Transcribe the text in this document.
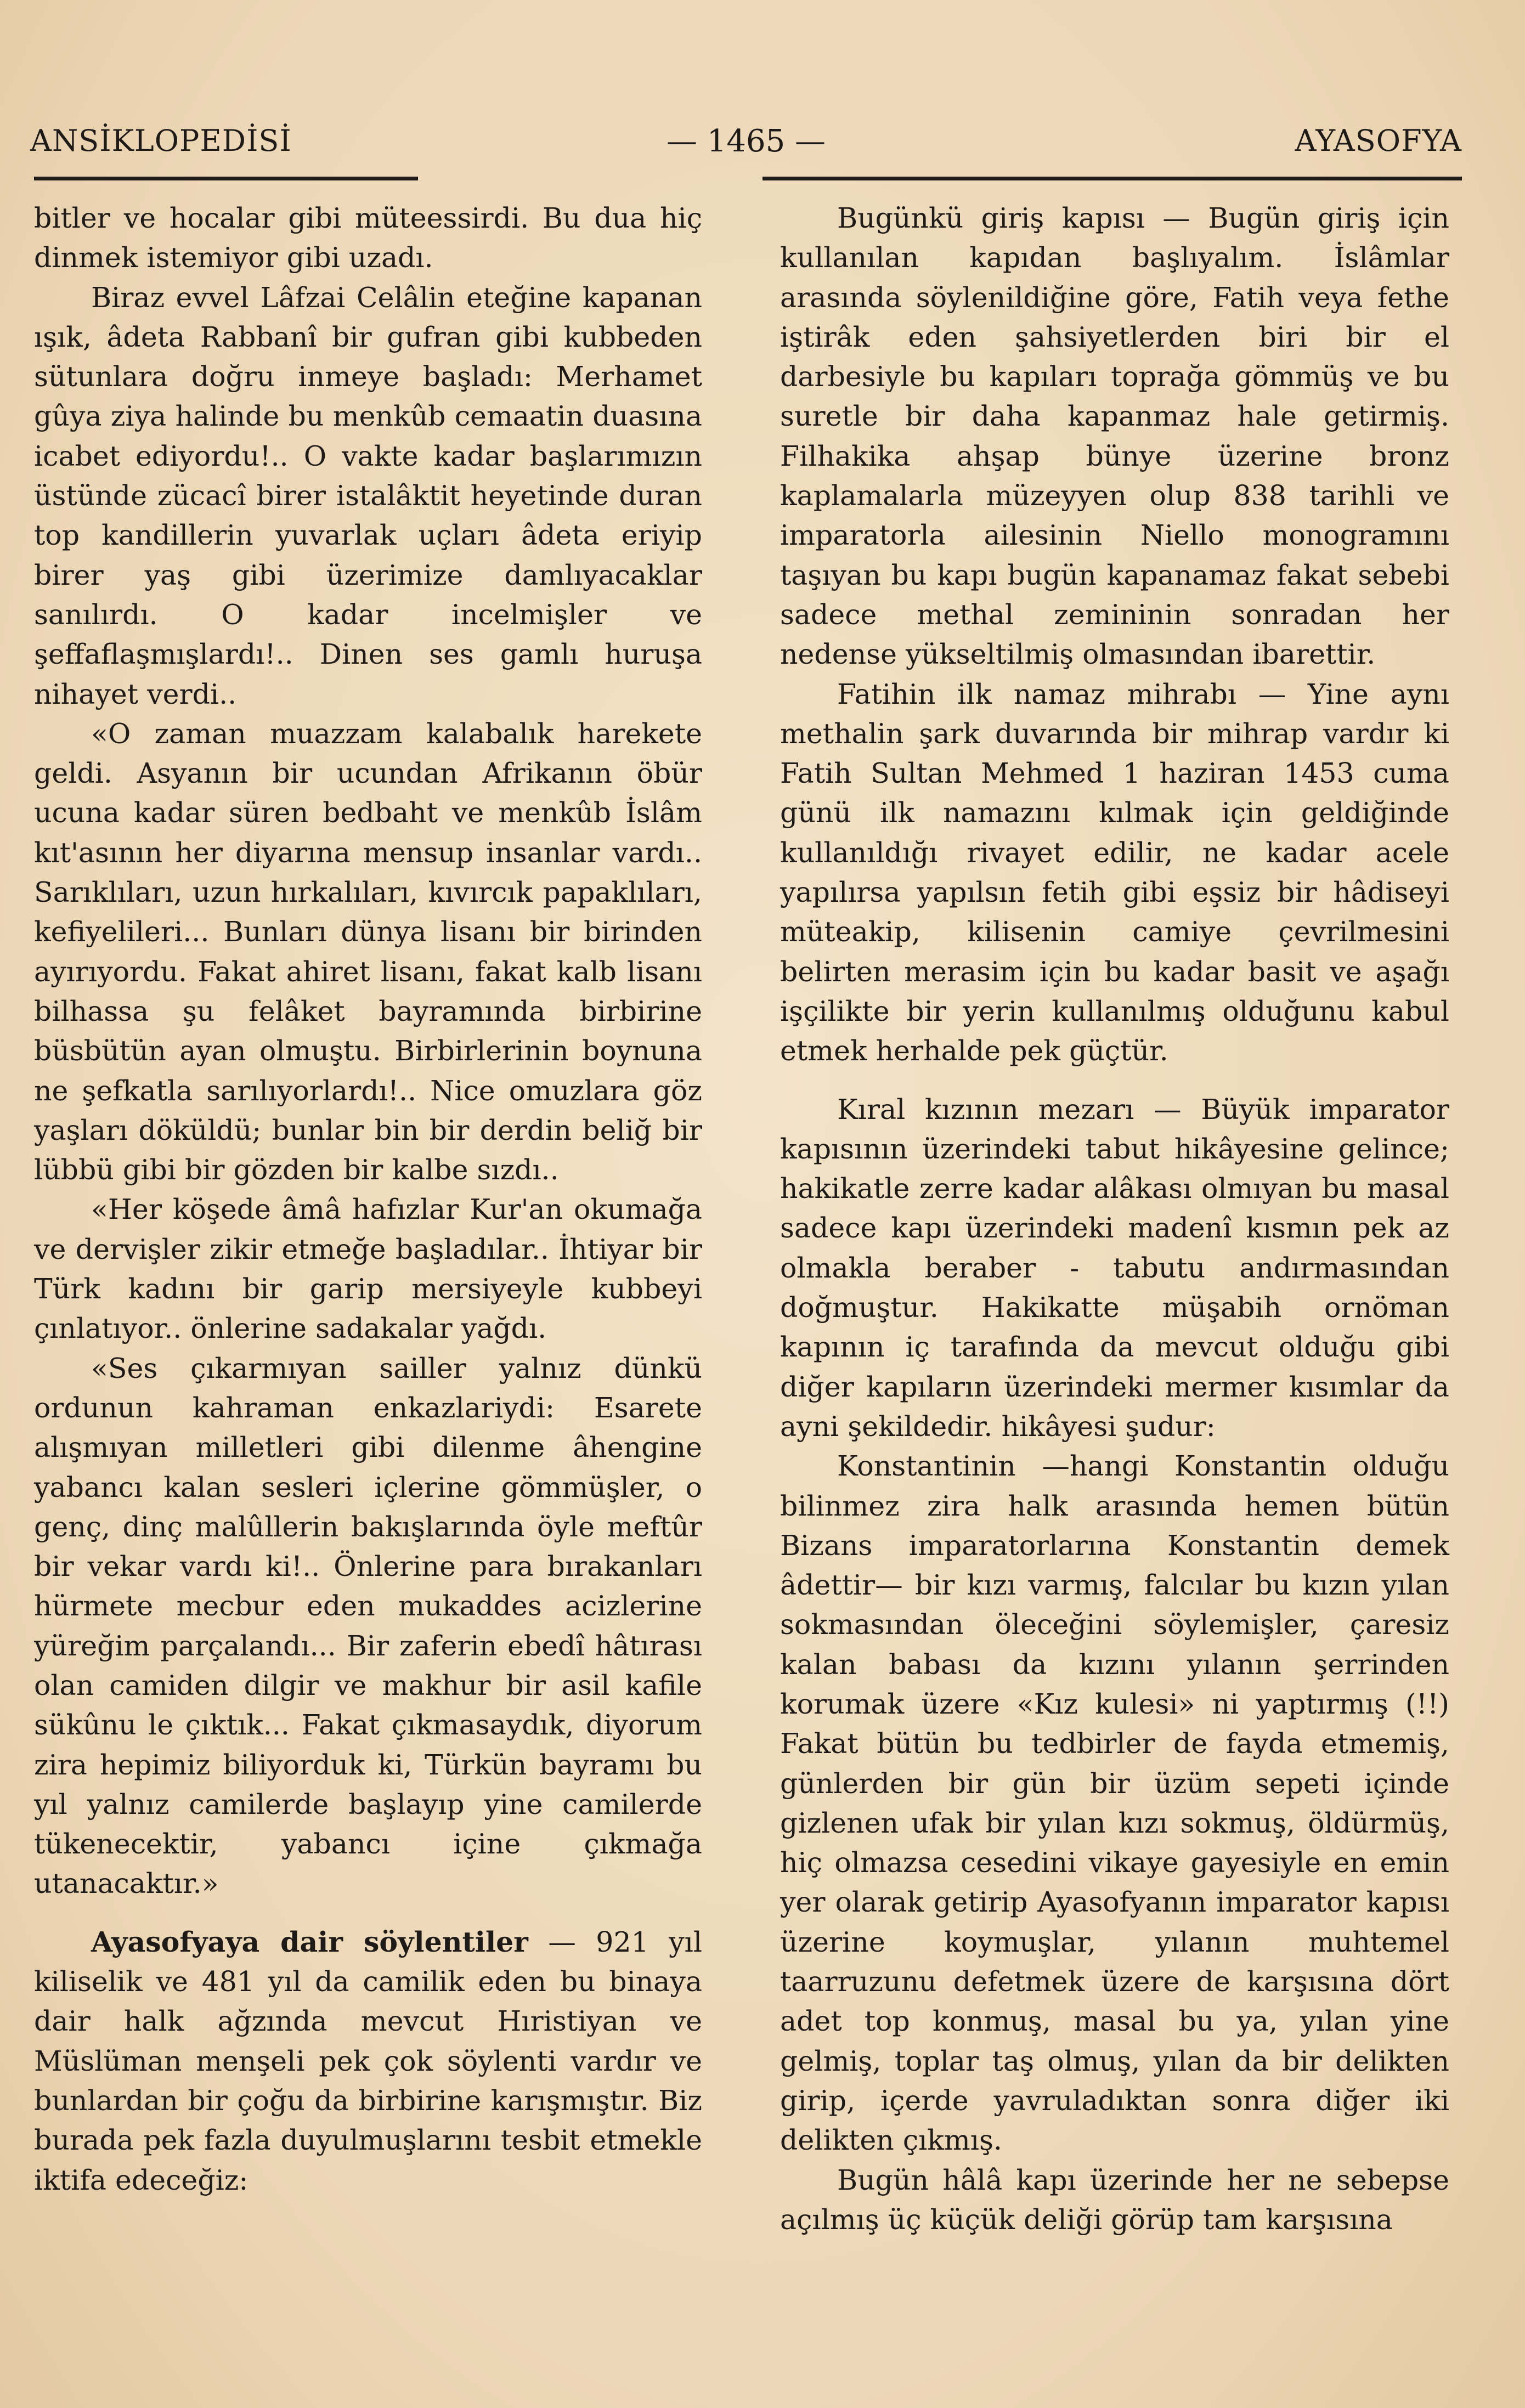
ANSİKLOPEDİSİ	— 1465 —	AYASOFYA

bitler ve hocalar gibi müteessirdi. Bu dua hiç dinmek istemiyor gibi uzadı.

Biraz evvel Lâfzai Celâlin eteğine kapanan ışık, âdeta Rabbanî bir gufran gibi kubbeden sütunlara doğru inmeye başladı: Merhamet gûya ziya halinde bu menkûb cemaatin duasına icabet ediyordu!.. O vakte kadar başlarımızın üstünde zücacî birer istalâktit heyetinde duran top kandillerin yuvarlak uçları âdeta eriyip birer yaş gibi üzerimize damlıyacaklar sanılırdı. O kadar incelmişler ve şeffaflaşmışlardı!.. Dinen ses gamlı huruşa nihayet verdi..

«O zaman muazzam kalabalık harekete geldi. Asyanın bir ucundan Afrikanın öbür ucuna kadar süren bedbaht ve menkûb İslâm kıt'asının her diyarına mensup insanlar vardı.. Sarıklıları, uzun hırkalıları, kıvırcık papaklıları, kefiyelileri... Bunları dünya lisanı bir birinden ayırıyordu. Fakat ahiret lisanı, fakat kalb lisanı bilhassa şu felâket bayramında birbirine büsbütün ayan olmuştu. Birbirlerinin boynuna ne şefkatla sarılıyorlardı!.. Nice omuzlara göz yaşları döküldü; bunlar bin bir derdin beliğ bir lübbü gibi bir gözden bir kalbe sızdı..

«Her köşede âmâ hafızlar Kur'an okumağa ve dervişler zikir etmeğe başladılar.. İhtiyar bir Türk kadını bir garip mersiyeyle kubbeyi çınlatıyor.. önlerine sadakalar yağdı.

«Ses çıkarmıyan sailler yalnız dünkü ordunun kahraman enkazlariydi: Esarete alışmıyan milletleri gibi dilenme âhengine yabancı kalan sesleri içlerine gömmüşler, o genç, dinç malûllerin bakışlarında öyle meftûr bir vekar vardı ki!.. Önlerine para bırakanları hürmete mecbur eden mukaddes acizlerine yüreğim parçalandı... Bir zaferin ebedî hâtırası olan camiden dilgir ve makhur bir asil kafile sükûnu le çıktık... Fakat çıkmasaydık, diyorum zira hepimiz biliyorduk ki, Türkün bayramı bu yıl yalnız camilerde başlayıp yine camilerde tükenecektir, yabancı içine çıkmağa utanacaktır.»

Ayasofyaya dair söylentiler — 921 yıl kiliselik ve 481 yıl da camilik eden bu binaya dair halk ağzında mevcut Hıristiyan ve Müslüman menşeli pek çok söylenti vardır ve bunlardan bir çoğu da birbirine karışmıştır. Biz burada pek fazla duyulmuşlarını tesbit etmekle iktifa edeceğiz:

Bugünkü giriş kapısı — Bugün giriş için kullanılan kapıdan başlıyalım. İslâmlar arasında söylenildiğine göre, Fatih veya fethe iştirâk eden şahsiyetlerden biri bir el darbesiyle bu kapıları toprağa gömmüş ve bu suretle bir daha kapanmaz hale getirmiş. Filhakika ahşap bünye üzerine bronz kaplamalarla müzeyyen olup 838 tarihli ve imparatorla ailesinin Niello monogramını taşıyan bu kapı bugün kapanamaz fakat sebebi sadece methal zemininin sonradan her nedense yükseltilmiş olmasından ibarettir.

Fatihin ilk namaz mihrabı — Yine aynı methalin şark duvarında bir mihrap vardır ki Fatih Sultan Mehmed 1 haziran 1453 cuma günü ilk namazını kılmak için geldiğinde kullanıldığı rivayet edilir, ne kadar acele yapılırsa yapılsın fetih gibi eşsiz bir hâdiseyi müteakip, kilisenin camiye çevrilmesini belirten merasim için bu kadar basit ve aşağı işçilikte bir yerin kullanılmış olduğunu kabul etmek herhalde pek güçtür.

Kıral kızının mezarı — Büyük imparator kapısının üzerindeki tabut hikâyesine gelince; hakikatle zerre kadar alâkası olmıyan bu masal sadece kapı üzerindeki madenî kısmın pek az olmakla beraber - tabutu andırmasından doğmuştur. Hakikatte müşabih ornöman kapının iç tarafında da mevcut olduğu gibi diğer kapıların üzerindeki mermer kısımlar da ayni şekildedir. hikâyesi şudur:

Konstantinin —hangi Konstantin olduğu bilinmez zira halk arasında hemen bütün Bizans imparatorlarına Konstantin demek âdettir— bir kızı varmış, falcılar bu kızın yılan sokmasından öleceğini söylemişler, çaresiz kalan babası da kızını yılanın şerrinden korumak üzere «Kız kulesi» ni yaptırmış (!!) Fakat bütün bu tedbirler de fayda etmemiş, günlerden bir gün bir üzüm sepeti içinde gizlenen ufak bir yılan kızı sokmuş, öldürmüş, hiç olmazsa cesedini vikaye gayesiyle en emin yer olarak getirip Ayasofyanın imparator kapısı üzerine koymuşlar, yılanın muhtemel taarruzunu defetmek üzere de karşısına dört adet top konmuş, masal bu ya, yılan yine gelmiş, toplar taş olmuş, yılan da bir delikten girip, içerde yavruladıktan sonra diğer iki delikten çıkmış.

Bugün hâlâ kapı üzerinde her ne sebepse açılmış üç küçük deliği görüp tam karşısına
